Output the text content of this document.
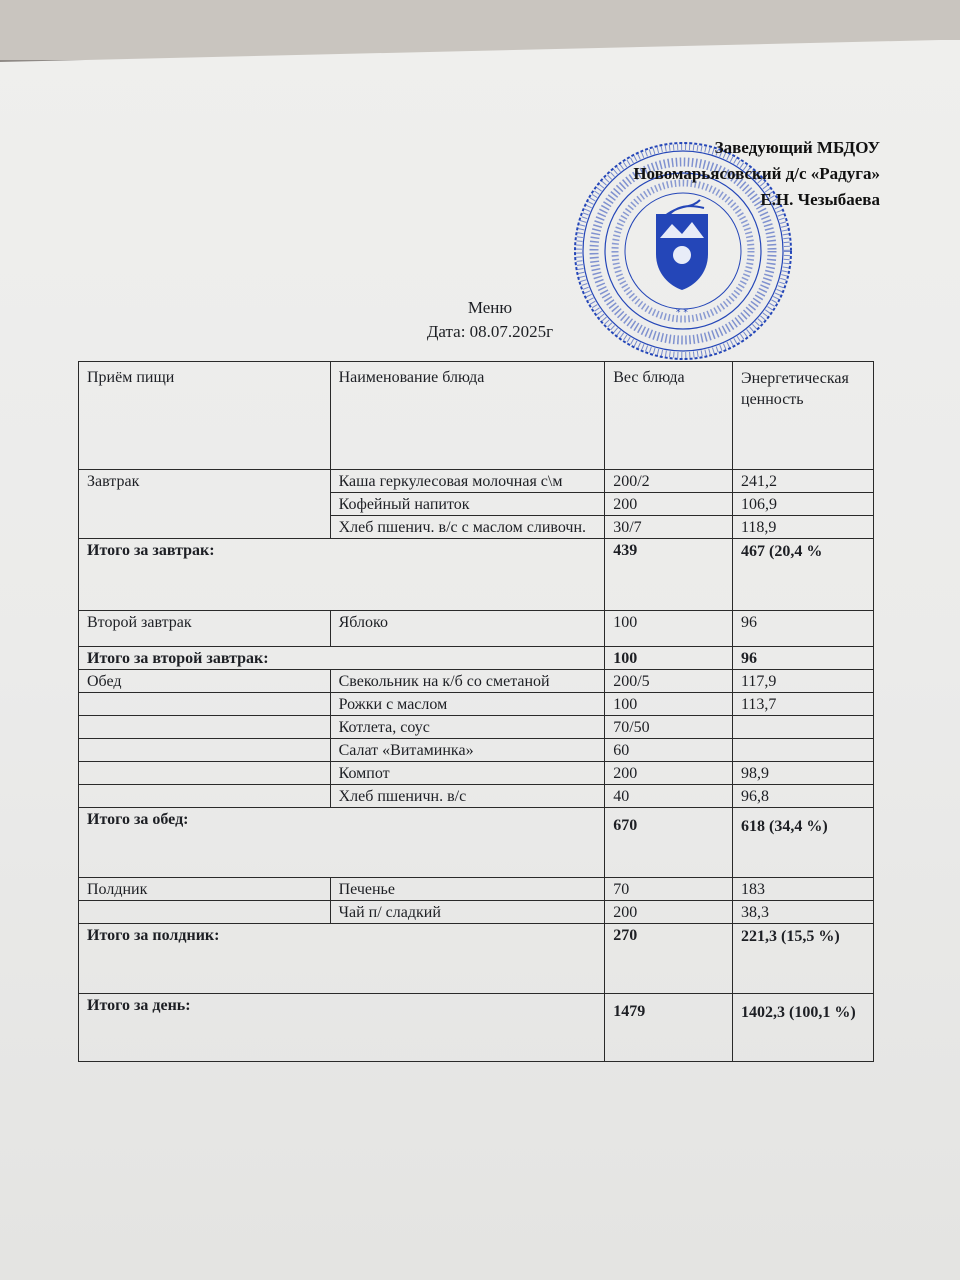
* *
Заведующий МБДОУ
Новомарьясовский д/с «Радуга»
Е.Н. Чезыбаева
Меню
Дата: 08.07.2025г
Приём пищи	Наименование блюда	Вес блюда	Энергетическая ценность
Завтрак	Каша геркулесовая молочная с\м	200/2	241,2
	Кофейный напиток	200	106,9
	Хлеб пшенич. в/с с маслом сливочн.	30/7	118,9
Итого за завтрак:		439	467 (20,4 %
Второй завтрак	Яблоко	100	96
Итого за второй завтрак:		100	96
Обед	Свекольник на к/б со сметаной	200/5	117,9
	Рожки с маслом	100	113,7
	Котлета, соус	70/50	
	Салат «Витаминка»	60	
	Компот	200	98,9
	Хлеб пшеничн. в/с	40	96,8
Итого за обед:		670	618 (34,4 %)
Полдник	Печенье	70	183
	Чай п/ сладкий	200	38,3
Итого за полдник:		270	221,3 (15,5 %)
Итого за день:		1479	1402,3 (100,1 %)
